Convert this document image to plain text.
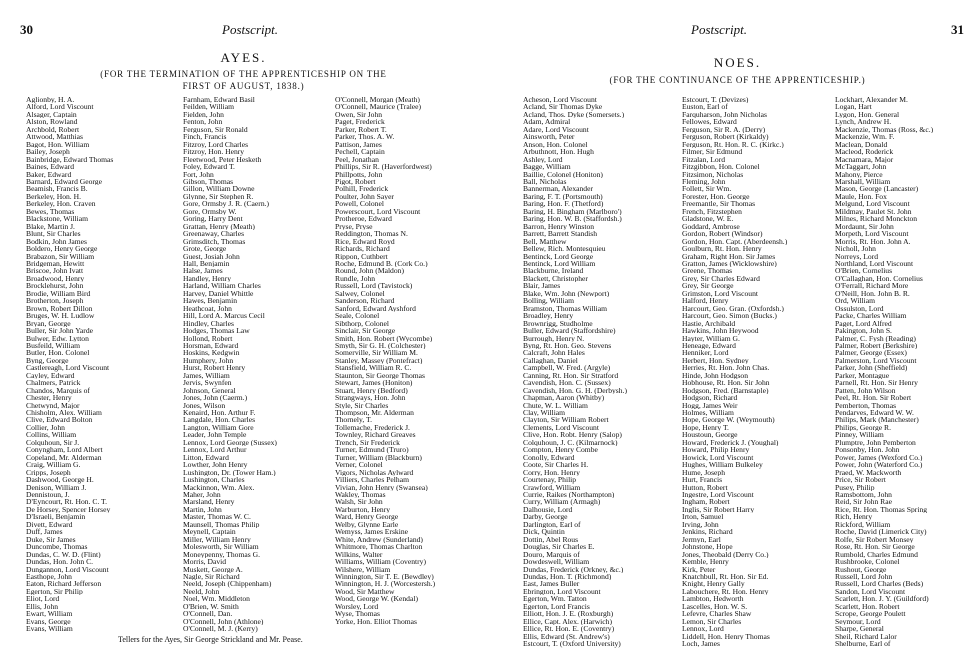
30	Postscript.
AYES.
(FOR THE TERMINATION OF THE APPRENTICESHIP ON THE
FIRST OF AUGUST, 1838.)
Aglionby, H. A.
Alford, Lord Viscount
Alsager, Captain
Alston, Rowland
Archbold, Robert
Attwood, Matthias
Bagot, Hon. William
Bailey, Joseph
Bainbridge, Edward Thomas
Baines, Edward
Baker, Edward
Barnard, Edward George
Beamish, Francis B.
Berkeley, Hon. H.
Berkeley, Hon. Craven
Bewes, Thomas
Blackstone, William
Blake, Martin J.
Blunt, Sir Charles
Bodkin, John James
Boldero, Henry George
Brabazon, Sir William
Bridgeman, Hewitt
Briscoe, John Ivatt
Broadwood, Henry
Brocklehurst, John
Brodie, William Bird
Brotherton, Joseph
Brown, Robert Dillon
Bruges, W. H. Ludlow
Bryan, George
Buller, Sir John Yarde
Bulwer, Edw. Lytton
Busfeild, William
Butler, Hon. Colonel
Byng, George
Castlereagh, Lord Viscount
Cayley, Edward
Chalmers, Patrick
Chandos, Marquis of
Chester, Henry
Chetwynd, Major
Chisholm, Alex. William
Clive, Edward Bolton
Collier, John
Collins, William
Colquhoun, Sir J.
Conyngham, Lord Albert
Copeland, Mr. Alderman
Craig, William G.
Cripps, Joseph
Dashwood, George H.
Denison, William J.
Dennistoun, J.
D'Eyncourt, Rt. Hon. C. T.
De Horsey, Spencer Horsey
D'Israeli, Benjamin
Divett, Edward
Duff, James
Duke, Sir James
Duncombe, Thomas
Dundas, C. W. D. (Flint)
Dundas, Hon. John C.
Dungannon, Lord Viscount
Easthope, John
Eaton, Richard Jefferson
Egerton, Sir Philip
Eliot, Lord
Ellis, John
Ewart, William
Evans, George
Evans, William
Farnham, Edward Basil
Feilden, William
Fielden, John
Fenton, John
Ferguson, Sir Ronald
Finch, Francis
Fitzroy, Lord Charles
Fitzroy, Hon. Henry
Fleetwood, Peter Hesketh
Foley, Edward T.
Fort, John
Gibson, Thomas
Gillon, William Downe
Glynne, Sir Stephen R.
Gore, Ormsby J. R. (Caern.)
Gore, Ormsby W.
Goring, Harry Dent
Grattan, Henry (Meath)
Greenaway, Charles
Grimsditch, Thomas
Grote, George
Guest, Josiah John
Hall, Benjamin
Halse, James
Handley, Henry
Harland, William Charles
Harvey, Daniel Whittle
Hawes, Benjamin
Heathcoat, John
Hill, Lord A. Marcus Cecil
Hindley, Charles
Hodges, Thomas Law
Hollond, Robert
Horsman, Edward
Hoskins, Kedgwin
Humphery, John
Hurst, Robert Henry
James, William
Jervis, Swynfen
Johnson, General
Jones, John (Caerm.)
Jones, Wilson
Kenaird, Hon. Arthur F.
Langdale, Hon. Charles
Langton, William Gore
Leader, John Temple
Lennox, Lord George (Sussex)
Lennox, Lord Arthur
Litton, Edward
Lowther, John Henry
Lushington, Dr. (Tower Ham.)
Lushington, Charles
Mackinnon, Wm. Alex.
Maher, John
Marsland, Henry
Martin, John
Master, Thomas W. C.
Maunsell, Thomas Philip
Meynell, Captain
Miller, William Henry
Molesworth, Sir William
Moneypenny, Thomas G.
Morris, David
Muskett, George A.
Nagle, Sir Richard
Neeld, Joseph (Chippenham)
Neeld, John
Noel, Wm. Middleton
O'Brien, W. Smith
O'Connell, Dan.
O'Connell, John (Athlone)
O'Connell, M. J. (Kerry)
O'Connell, Morgan (Meath)
O'Connell, Maurice (Tralee)
Owen, Sir John
Paget, Frederick
Parker, Robert T.
Parker, Thos. A. W.
Pattison, James
Pechell, Captain
Peel, Jonathan
Phillips, Sir R. (Haverfordwest)
Phillpotts, John
Pigot, Robert
Polhill, Frederick
Poulter, John Sayer
Powell, Colonel
Powerscourt, Lord Viscount
Protheroe, Edward
Pryse, Pryse
Reddington, Thomas N.
Rice, Edward Royd
Richards, Richard
Rippon, Cuthbert
Roche, Edmund B. (Cork Co.)
Round, John (Maldon)
Rundle, John
Russell, Lord (Tavistock)
Salwey, Colonel
Sanderson, Richard
Sanford, Edward Ayshford
Seale, Colonel
Sibthorp, Colonel
Sinclair, Sir George
Smith, Hon. Robert (Wycombe)
Smyth, Sir G. H. (Colchester)
Somerville, Sir William M.
Stanley, Massey (Pontefract)
Stansfield, William R. C.
Staunton, Sir George Thomas
Stewart, James (Honiton)
Stuart, Henry (Bedford)
Strangways, Hon. John
Style, Sir Charles
Thompson, Mr. Alderman
Thornely, T.
Tollemache, Frederick J.
Townley, Richard Greaves
Trench, Sir Frederick
Turner, Edmund (Truro)
Turner, William (Blackburn)
Verner, Colonel
Vigors, Nicholas Aylward
Villiers, Charles Pelham
Vivian, John Henry (Swansea)
Wakley, Thomas
Walsh, Sir John
Warburton, Henry
Ward, Henry George
Welby, Glynne Earle
Wemyss, James Erskine
White, Andrew (Sunderland)
Whitmore, Thomas Charlton
Wilkins, Walter
Williams, William (Coventry)
Wilshere, William
Winnington, Sir T. E. (Bewdley)
Winnington, H. J. (Worcestersh.)
Wood, Sir Matthew
Wood, George W. (Kendal)
Worsley, Lord
Wyse, Thomas
Yorke, Hon. Elliot Thomas
Tellers for the Ayes, Sir George Strickland and Mr. Pease.
31
Postscript.
NOES.
(FOR THE CONTINUANCE OF THE APPRENTICESHIP.)
Acheson, Lord Viscount
Acland, Sir Thomas Dyke
Acland, Thos. Dyke (Somersets.)
Adam, Admiral
Adare, Lord Viscount
Ainsworth, Peter
Anson, Hon. Colonel
Arbuthnott, Hon. Hugh
Ashley, Lord
Bagge, William
Baillie, Colonel (Honiton)
Ball, Nicholas
Bannerman, Alexander
Baring, F. T. (Portsmouth)
Baring, Hon. F. (Thetford)
Baring, H. Bingham (Marlboro')
Baring, Hon. W. B. (Staffordsh.)
Barron, Henry Winston
Barrett, Barrett Standish
Bell, Matthew
Bellew, Rich. Montesquieu
Bentinck, Lord George
Bentinck, Lord William
Blackburne, Ireland
Blackett, Christopher
Blair, James
Blake, Wm. John (Newport)
Bolling, William
Bramston, Thomas William
Broadley, Henry
Brownrigg, Studholme
Buller, Edward (Staffordshire)
Burrough, Henry N.
Byng, Rt. Hon. Geo. Stevens
Calcraft, John Hales
Callaghan, Daniel
Campbell, W. Fred. (Argyle)
Canning, Rt. Hon. Sir Stratford
Cavendish, Hon. C. (Sussex)
Cavendish, Hon. G. H. (Derbysh.)
Chapman, Aaron (Whitby)
Chute, W. L. William
Clay, William
Clayton, Sir William Robert
Clements, Lord Viscount
Clive, Hon. Robt. Henry (Salop)
Colquhoun, J. C. (Kilmarnock)
Compton, Henry Combe
Conolly, Edward
Coote, Sir Charles H.
Corry, Hon. Henry
Courtenay, Philip
Crawford, William
Currie, Raikes (Northampton)
Curry, William (Armagh)
Dalhousie, Lord
Darby, George
Darlington, Earl of
Dick, Quintin
Dottin, Abel Rous
Douglas, Sir Charles E.
Douro, Marquis of
Dowdeswell, William
Dundas, Frederick (Orkney, &c.)
Dundas, Hon. T. (Richmond)
East, James Buller
Ebrington, Lord Viscount
Egerton, Wm. Tatton
Egerton, Lord Francis
Elliott, Hon. J. E. (Roxburgh)
Ellice, Capt. Alex. (Harwich)
Ellice, Rt. Hon. E. (Coventry)
Ellis, Edward (St. Andrew's)
Estcourt, T. (Oxford University)
Estcourt, T. (Devizes)
Euston, Earl of
Farquharson, John Nicholas
Fellowes, Edward
Ferguson, Sir R. A. (Derry)
Ferguson, Robert (Kirkaldy)
Ferguson, Rt. Hon. R. C. (Kirkc.)
Filmer, Sir Edmund
Fitzalan, Lord
Fitzgibbon, Hon. Colonel
Fitzsimon, Nicholas
Fleming, John
Follett, Sir Wm.
Forester, Hon. George
Freemantle, Sir Thomas
French, Fitzstephen
Gladstone, W. E.
Goddard, Ambrose
Gordon, Robert (Windsor)
Gordon, Hon. Capt. (Aberdeensh.)
Goulburn, Rt. Hon. Henry
Graham, Right Hon. Sir James
Gratton, James (Wicklowshire)
Greene, Thomas
Grey, Sir Charles Edward
Grey, Sir George
Grimston, Lord Viscount
Halford, Henry
Harcourt, Geo. Gran. (Oxfordsh.)
Harcourt, Geo. Simon (Bucks.)
Hastie, Archibald
Hawkins, John Heywood
Hayter, William G.
Heneage, Edward
Henniker, Lord
Herbert, Hon. Sydney
Herries, Rt. Hon. John Chas.
Hinde, John Hodgson
Hobhouse, Rt. Hon. Sir John
Hodgson, Fred. (Barnstaple)
Hodgson, Richard
Hogg, James Weir
Holmes, William
Hope, George W. (Weymouth)
Hope, Henry T.
Houstoun, George
Howard, Frederick J. (Youghal)
Howard, Philip Henry
Howick, Lord Viscount
Hughes, William Bulkeley
Hume, Joseph
Hurt, Francis
Hutton, Robert
Ingestre, Lord Viscount
Ingham, Robert
Inglis, Sir Robert Harry
Irton, Samuel
Irving, John
Jenkins, Richard
Jermyn, Earl
Johnstone, Hope
Jones, Theobald (Derry Co.)
Kemble, Henry
Kirk, Peter
Knatchbull, Rt. Hon. Sir Ed.
Knight, Henry Gally
Labouchere, Rt. Hon. Henry
Lambton, Hedworth
Lascelles, Hon. W. S.
Lefevre, Charles Shaw
Lemon, Sir Charles
Lennox, Lord
Liddell, Hon. Henry Thomas
Loch, James
Lockhart, Alexander M.
Logan, Hart
Lygon, Hon. General
Lynch, Andrew H.
Mackenzie, Thomas (Ross, &c.)
Mackenzie, Wm. F.
Maclean, Donald
Macleod, Roderick
Macnamara, Major
McTaggart, John
Mahony, Pierce
Marshall, William
Mason, George (Lancaster)
Maule, Hon. Fox
Melgund, Lord Viscount
Mildmay, Paulet St. John
Milnes, Richard Monckton
Mordaunt, Sir John
Morpeth, Lord Viscount
Morris, Rt. Hon. John A.
Nicholl, John
Norreys, Lord
Northland, Lord Viscount
O'Brien, Cornelius
O'Callaghan, Hon. Cornelius
O'Ferrall, Richard More
O'Neill, Hon. John B. R.
Ord, William
Ossulston, Lord
Packe, Charles William
Paget, Lord Alfred
Pakington, John S.
Palmer, C. Fysh (Reading)
Palmer, Robert (Berkshire)
Palmer, George (Essex)
Palmerston, Lord Viscount
Parker, John (Sheffield)
Parker, Montague
Parnell, Rt. Hon. Sir Henry
Patten, John Wilson
Peel, Rt. Hon. Sir Robert
Pemberton, Thomas
Pendarves, Edward W. W.
Philips, Mark (Manchester)
Philips, George R.
Pinney, William
Plumptre, John Pemberton
Ponsonby, Hon. John
Power, James (Wexford Co.)
Power, John (Waterford Co.)
Praed, W. Mackworth
Price, Sir Robert
Pusey, Philip
Ramsbottom, John
Reid, Sir John Rae
Rice, Rt. Hon. Thomas Spring
Rich, Henry
Rickford, William
Roche, David (Limerick City)
Rolfe, Sir Robert Monsey
Rose, Rt. Hon. Sir George
Rumbold, Charles Edmund
Rushbrooke, Colonel
Rushout, George
Russell, Lord John
Russell, Lord Charles (Beds)
Sandon, Lord Viscount
Scarlett, Hon. J. Y. (Guildford)
Scarlett, Hon. Robert
Scrope, George Poulett
Seymour, Lord
Sharpe, General
Sheil, Richard Lalor
Shelburne, Earl of
